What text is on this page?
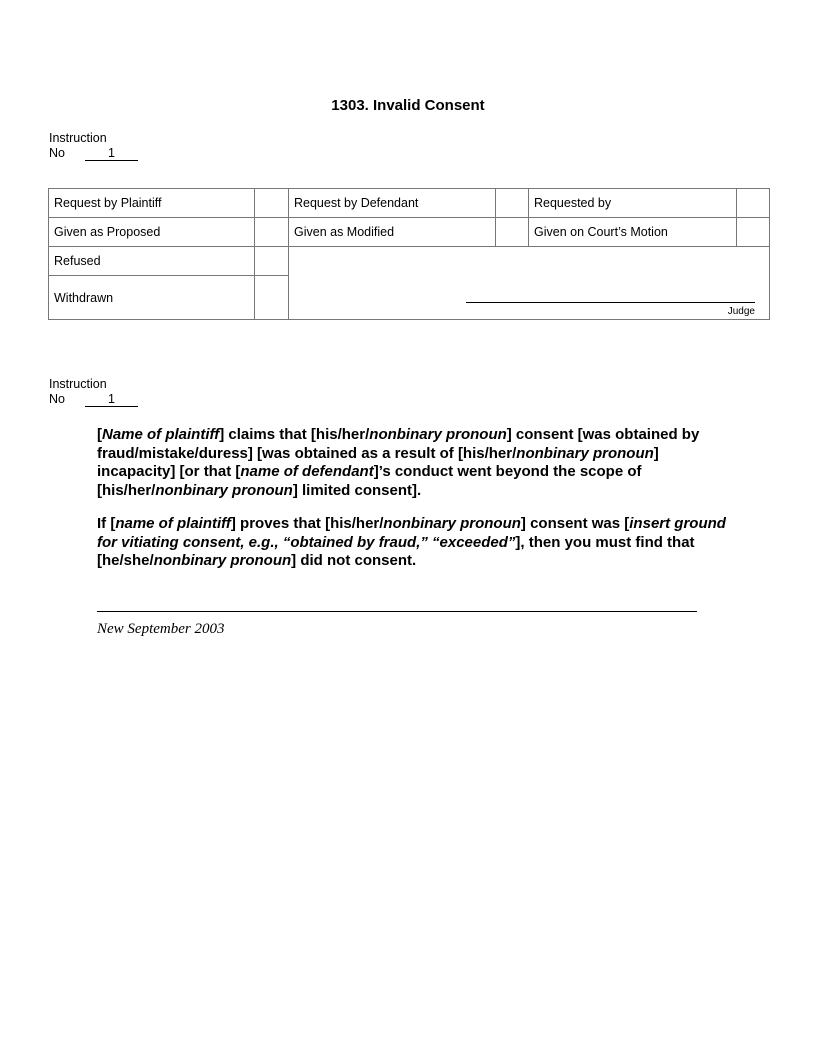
1303. Invalid Consent
Instruction
No	1
Request by Plaintiff		Request by Defendant		Requested by	
Given as Proposed		Given as Modified		Given on Court’s Motion	
Refused		Judge			

Withdrawn					
Instruction
No	1

[Name of plaintiff] claims that [his/her/nonbinary pronoun] consent [was obtained by fraud/mistake/duress] [was obtained as a result of [his/her/nonbinary pronoun] incapacity] [or that [name of defendant]’s conduct went beyond the scope of [his/her/nonbinary pronoun] limited consent].

If [name of plaintiff] proves that [his/her/nonbinary pronoun] consent was [insert ground for vitiating consent, e.g., “obtained by fraud,” “exceeded”], then you must find that [he/she/nonbinary pronoun] did not consent.

New September 2003
